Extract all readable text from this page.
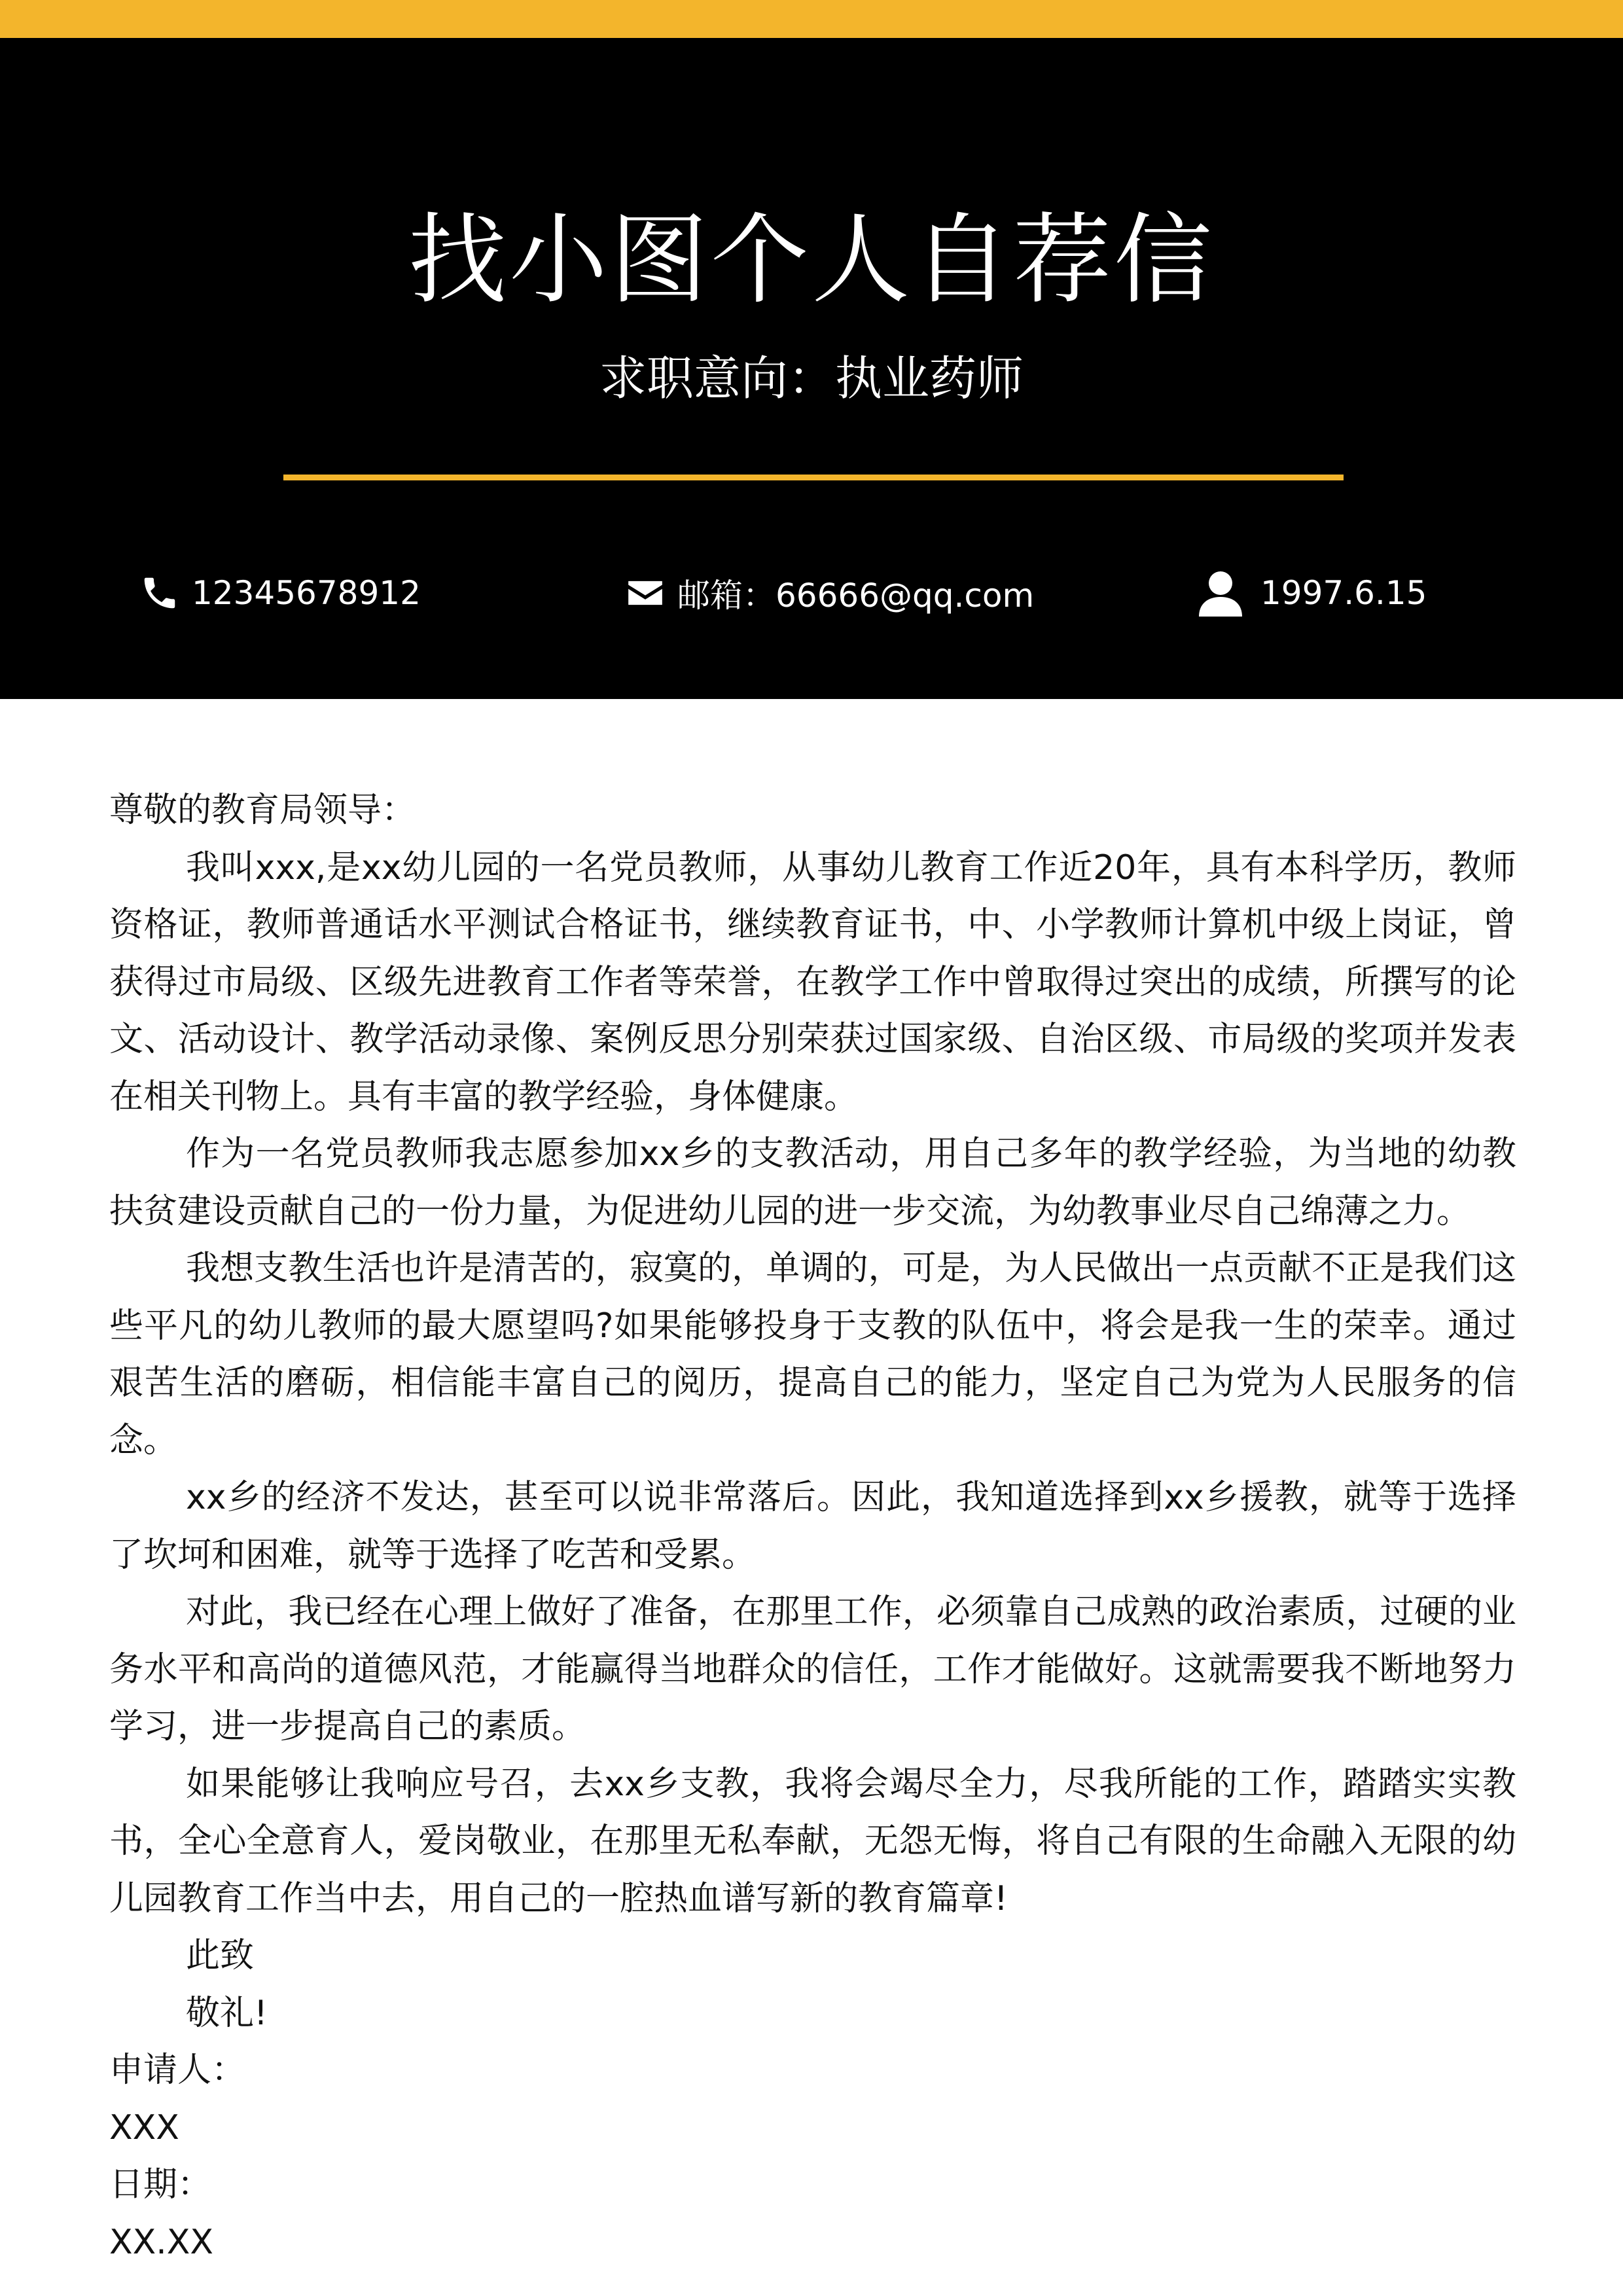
找小图个人自荐信
求职意向：执业药师
12345678912	邮箱：66666@qq.com	1997.6.15

尊敬的教育局领导：

我叫xxx,是xx幼儿园的一名党员教师，从事幼儿教育工作近20年，具有本科学历，教师资格证，教师普通话水平测试合格证书，继续教育证书，中、小学教师计算机中级上岗证，曾获得过市局级、区级先进教育工作者等荣誉，在教学工作中曾取得过突出的成绩，所撰写的论文、活动设计、教学活动录像、案例反思分别荣获过国家级、自治区级、市局级的奖项并发表在相关刊物上。具有丰富的教学经验，身体健康。

作为一名党员教师我志愿参加xx乡的支教活动，用自己多年的教学经验，为当地的幼教扶贫建设贡献自己的一份力量，为促进幼儿园的进一步交流，为幼教事业尽自己绵薄之力。

我想支教生活也许是清苦的，寂寞的，单调的，可是，为人民做出一点贡献不正是我们这些平凡的幼儿教师的最大愿望吗?如果能够投身于支教的队伍中，将会是我一生的荣幸。通过艰苦生活的磨砺，相信能丰富自己的阅历，提高自己的能力，坚定自己为党为人民服务的信念。

xx乡的经济不发达，甚至可以说非常落后。因此，我知道选择到xx乡援教，就等于选择了坎坷和困难，就等于选择了吃苦和受累。

对此，我已经在心理上做好了准备，在那里工作，必须靠自己成熟的政治素质，过硬的业务水平和高尚的道德风范，才能赢得当地群众的信任，工作才能做好。这就需要我不断地努力学习，进一步提高自己的素质。

如果能够让我响应号召，去xx乡支教，我将会竭尽全力，尽我所能的工作，踏踏实实教书，全心全意育人，爱岗敬业，在那里无私奉献，无怨无悔，将自己有限的生命融入无限的幼儿园教育工作当中去，用自己的一腔热血谱写新的教育篇章!

此致

敬礼!

申请人：

XXX

日期：

XX.XX
